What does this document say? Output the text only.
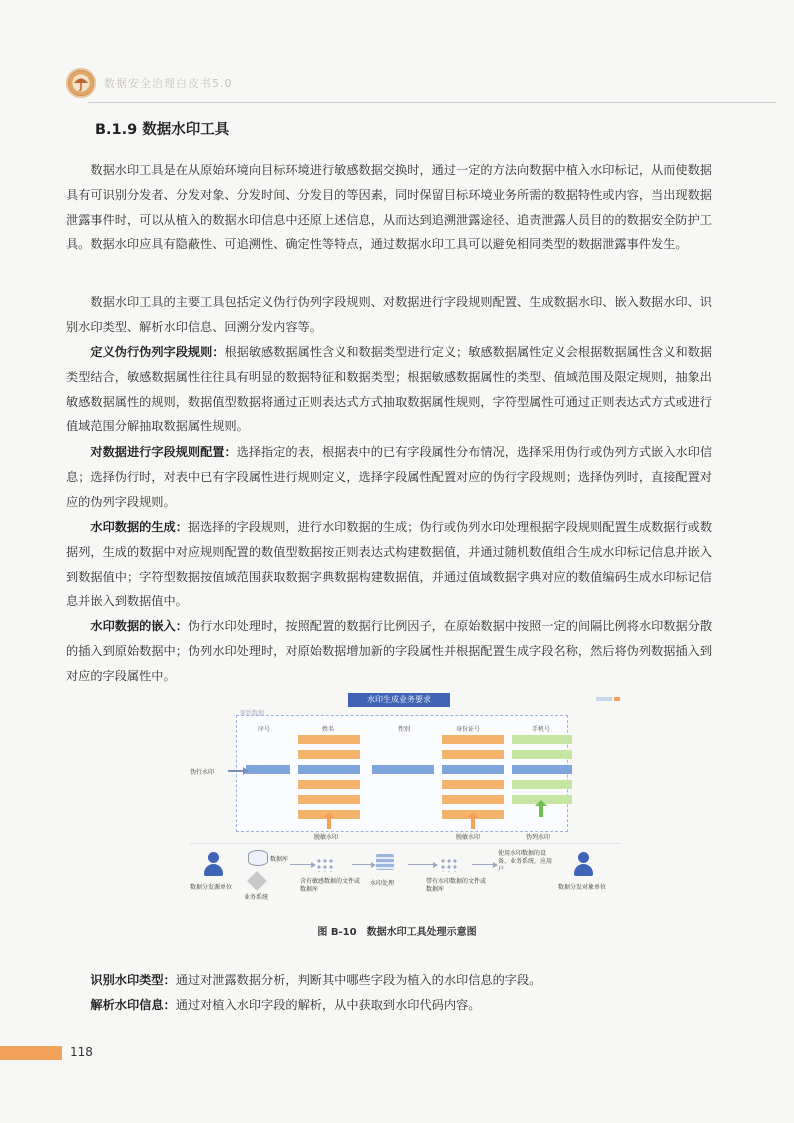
数据安全治理白皮书5.0
B.1.9 数据水印工具

数据水印工具是在从原始环境向目标环境进行敏感数据交换时，通过一定的方法向数据中植入水印标记，从而使数据具有可识别分发者、分发对象、分发时间、分发目的等因素，同时保留目标环境业务所需的数据特性或内容，当出现数据泄露事件时，可以从植入的数据水印信息中还原上述信息，从而达到追溯泄露途径、追责泄露人员目的的数据安全防护工具。数据水印应具有隐蔽性、可追溯性、确定性等特点，通过数据水印工具可以避免相同类型的数据泄露事件发生。

数据水印工具的主要工具包括定义伪行伪列字段规则、对数据进行字段规则配置、生成数据水印、嵌入数据水印、识别水印类型、解析水印信息、回溯分发内容等。

定义伪行伪列字段规则：根据敏感数据属性含义和数据类型进行定义；敏感数据属性定义会根据数据属性含义和数据类型结合，敏感数据属性往往具有明显的数据特征和数据类型；根据敏感数据属性的类型、值域范围及限定规则，抽象出敏感数据属性的规则，数据值型数据将通过正则表达式方式抽取数据属性规则，字符型属性可通过正则表达式方式或进行值域范围分解抽取数据属性规则。

对数据进行字段规则配置：选择指定的表，根据表中的已有字段属性分布情况，选择采用伪行或伪列方式嵌入水印信息；选择伪行时，对表中已有字段属性进行规则定义，选择字段属性配置对应的伪行字段规则；选择伪列时，直接配置对应的伪列字段规则。

水印数据的生成：据选择的字段规则，进行水印数据的生成；伪行或伪列水印处理根据字段规则配置生成数据行或数据列，生成的数据中对应规则配置的数值型数据按正则表达式构建数据值，并通过随机数值组合生成水印标记信息并嵌入到数据值中；字符型数据按值域范围获取数据字典数据构建数据值，并通过值域数据字典对应的数值编码生成水印标记信息并嵌入到数据值中。

水印数据的嵌入：伪行水印处理时，按照配置的数据行比例因子，在原始数据中按照一定的间隔比例将水印数据分散的插入到原始数据中；伪列水印处理时，对原始数据增加新的字段属性并根据配置生成字段名称，然后将伪列数据插入到对应的字段属性中。

水印生成业务要求
原始数据
序号	姓名	性别	身份证号	手机号
伪行水印
脱敏水印	脱敏水印	伪列水印
数据分发源单位
数据库
业务系统
含有敏感数据的文件或数据库
水印处理	带有水印数据的文件或数据库
使用水印数据的设备、业务系统、应用户
数据分发对象单位
图 B-10　数据水印工具处理示意图

识别水印类型：通过对泄露数据分析，判断其中哪些字段为植入的水印信息的字段。

解析水印信息：通过对植入水印字段的解析，从中获取到水印代码内容。

118
